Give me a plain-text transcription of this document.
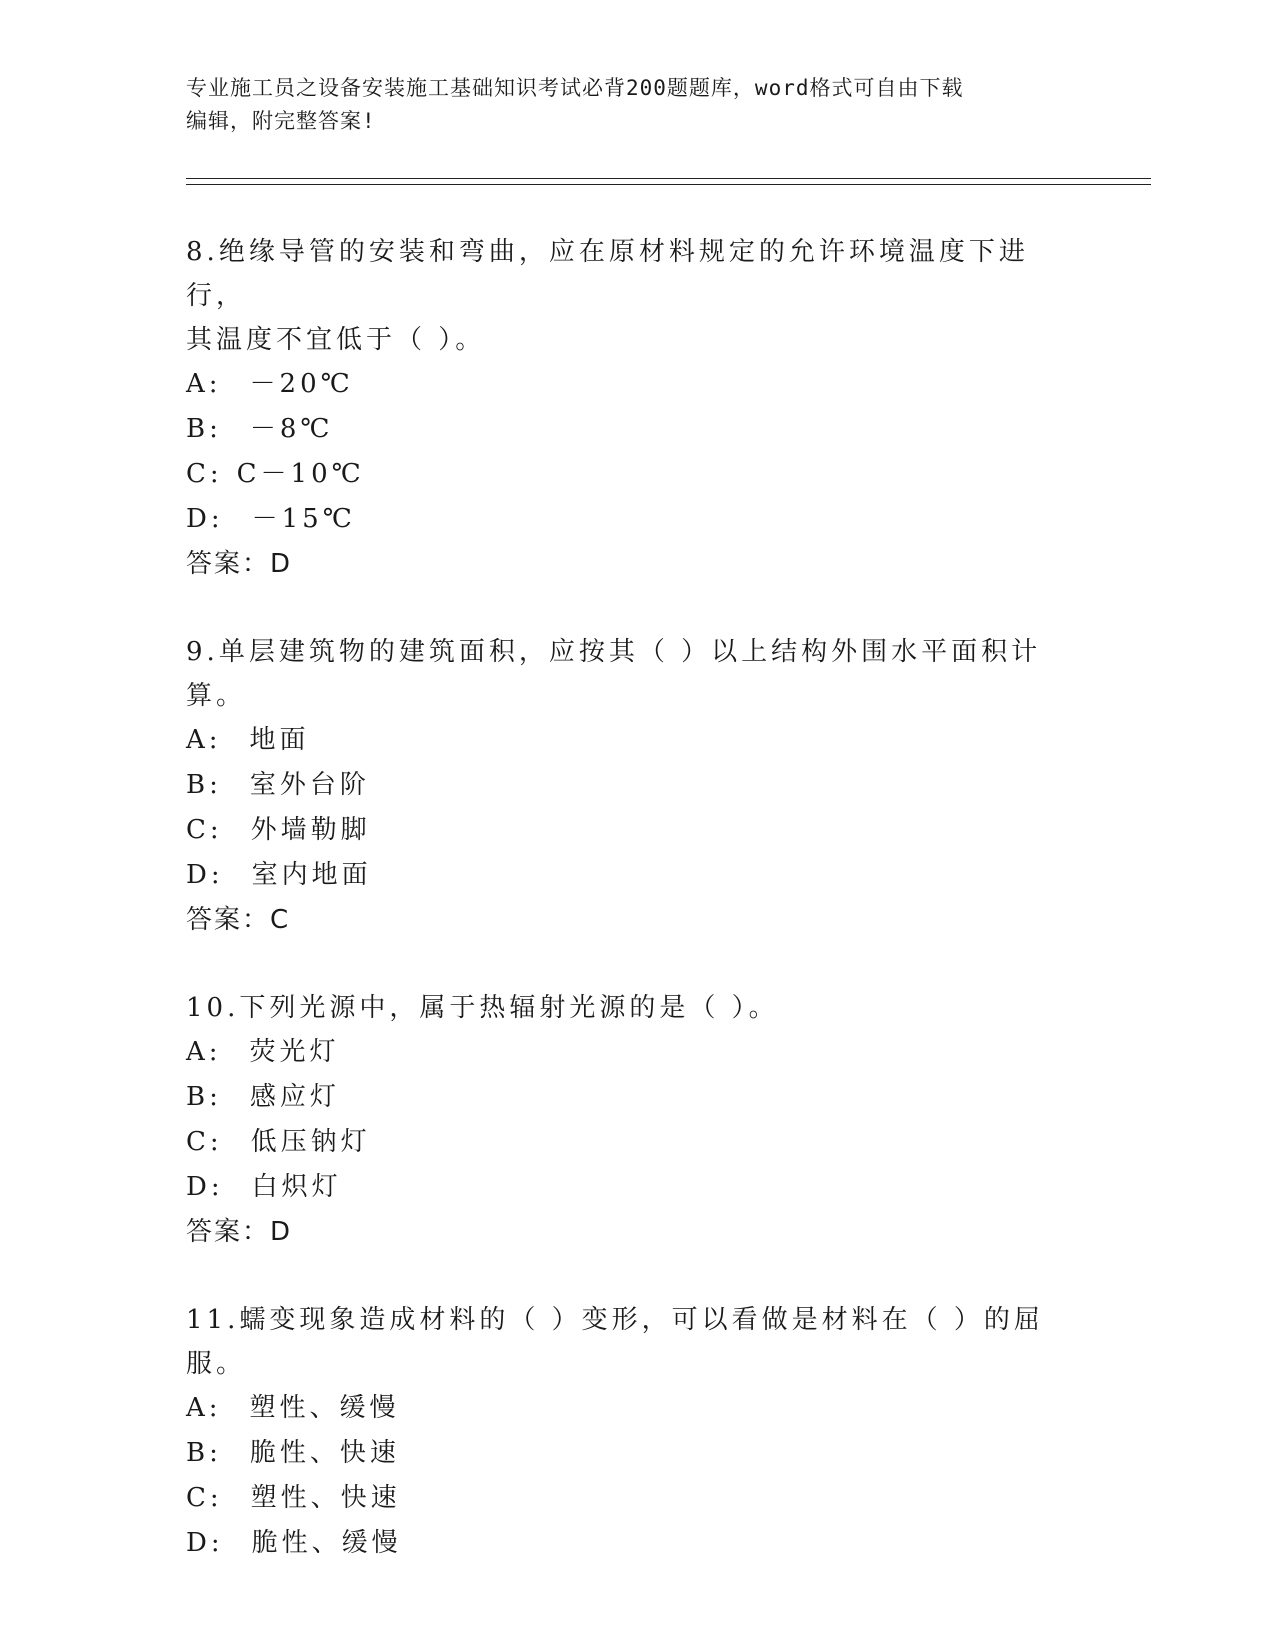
专业施工员之设备安装施工基础知识考试必背200题题库，word格式可自由下载
编辑，附完整答案!

8.绝缘导管的安装和弯曲，应在原材料规定的允许环境温度下进行，

其温度不宜低于（ ）。

A: －20℃
B: －8℃
C: C－10℃
D: －15℃
答案：D

9.单层建筑物的建筑面积，应按其（ ）以上结构外围水平面积计算。

A: 地面
B: 室外台阶
C: 外墙勒脚
D: 室内地面
答案：C

10.下列光源中，属于热辐射光源的是（ ）。

A: 荧光灯
B: 感应灯
C: 低压钠灯
D: 白炽灯
答案：D

11.蠕变现象造成材料的（ ）变形，可以看做是材料在（ ）的屈服。

A: 塑性、缓慢
B: 脆性、快速
C: 塑性、快速
D: 脆性、缓慢
